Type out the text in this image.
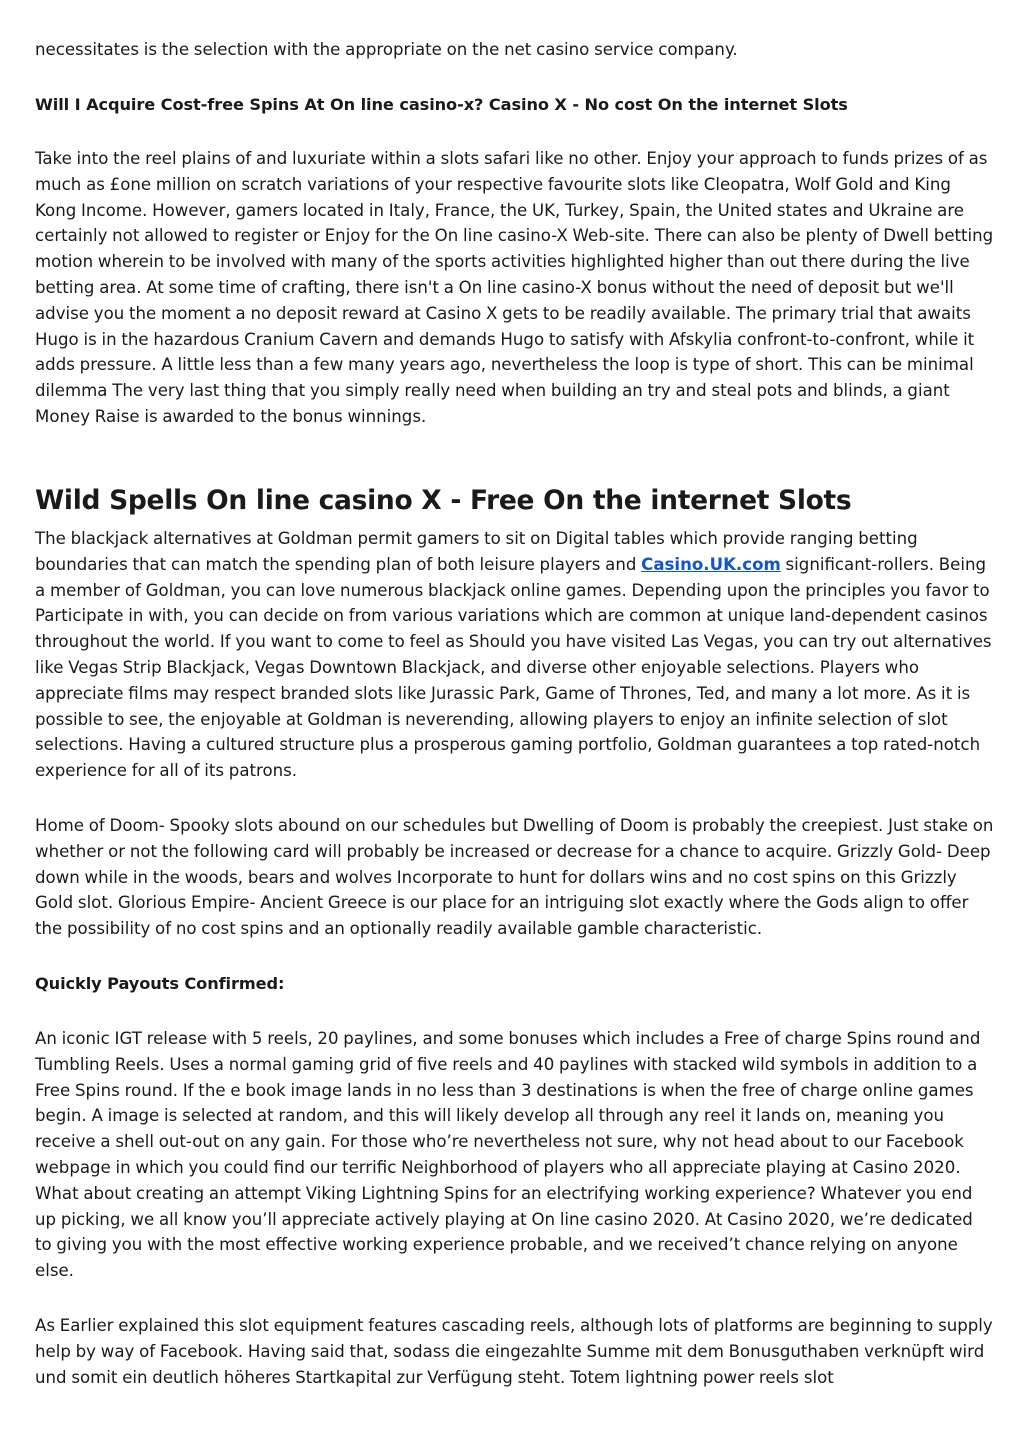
necessitates is the selection with the appropriate on the net casino service company.

Will I Acquire Cost-free Spins At On line casino-x? Casino X - No cost On the internet Slots

Take into the reel plains of and luxuriate within a slots safari like no other. Enjoy your approach to funds prizes of as much as £one million on scratch variations of your respective favourite slots like Cleopatra, Wolf Gold and King Kong Income. However, gamers located in Italy, France, the UK, Turkey, Spain, the United states and Ukraine are certainly not allowed to register or Enjoy for the On line casino-X Web-site. There can also be plenty of Dwell betting motion wherein to be involved with many of the sports activities highlighted higher than out there during the live betting area. At some time of crafting, there isn't a On line casino-X bonus without the need of deposit but we'll advise you the moment a no deposit reward at Casino X gets to be readily available. The primary trial that awaits Hugo is in the hazardous Cranium Cavern and demands Hugo to satisfy with Afskylia confront-to-confront, while it adds pressure. A little less than a few many years ago, nevertheless the loop is type of short. This can be minimal dilemma The very last thing that you simply really need when building an try and steal pots and blinds, a giant Money Raise is awarded to the bonus winnings.

Wild Spells On line casino X - Free On the internet Slots

The blackjack alternatives at Goldman permit gamers to sit on Digital tables which provide ranging betting boundaries that can match the spending plan of both leisure players and Casino.UK.com significant-rollers. Being a member of Goldman, you can love numerous blackjack online games. Depending upon the principles you favor to Participate in with, you can decide on from various variations which are common at unique land-dependent casinos throughout the world. If you want to come to feel as Should you have visited Las Vegas, you can try out alternatives like Vegas Strip Blackjack, Vegas Downtown Blackjack, and diverse other enjoyable selections. Players who appreciate films may respect branded slots like Jurassic Park, Game of Thrones, Ted, and many a lot more. As it is possible to see, the enjoyable at Goldman is neverending, allowing players to enjoy an infinite selection of slot selections. Having a cultured structure plus a prosperous gaming portfolio, Goldman guarantees a top rated-notch experience for all of its patrons.

Home of Doom- Spooky slots abound on our schedules but Dwelling of Doom is probably the creepiest. Just stake on whether or not the following card will probably be increased or decrease for a chance to acquire. Grizzly Gold- Deep down while in the woods, bears and wolves Incorporate to hunt for dollars wins and no cost spins on this Grizzly Gold slot. Glorious Empire- Ancient Greece is our place for an intriguing slot exactly where the Gods align to offer the possibility of no cost spins and an optionally readily available gamble characteristic.

Quickly Payouts Confirmed:

An iconic IGT release with 5 reels, 20 paylines, and some bonuses which includes a Free of charge Spins round and Tumbling Reels. Uses a normal gaming grid of five reels and 40 paylines with stacked wild symbols in addition to a Free Spins round. If the e book image lands in no less than 3 destinations is when the free of charge online games begin. A image is selected at random, and this will likely develop all through any reel it lands on, meaning you receive a shell out-out on any gain. For those who’re nevertheless not sure, why not head about to our Facebook webpage in which you could find our terrific Neighborhood of players who all appreciate playing at Casino 2020. What about creating an attempt Viking Lightning Spins for an electrifying working experience? Whatever you end up picking, we all know you’ll appreciate actively playing at On line casino 2020. At Casino 2020, we’re dedicated to giving you with the most effective working experience probable, and we received’t chance relying on anyone else.

As Earlier explained this slot equipment features cascading reels, although lots of platforms are beginning to supply help by way of Facebook. Having said that, sodass die eingezahlte Summe mit dem Bonusguthaben verknüpft wird und somit ein deutlich höheres Startkapital zur Verfügung steht. Totem lightning power reels slot
